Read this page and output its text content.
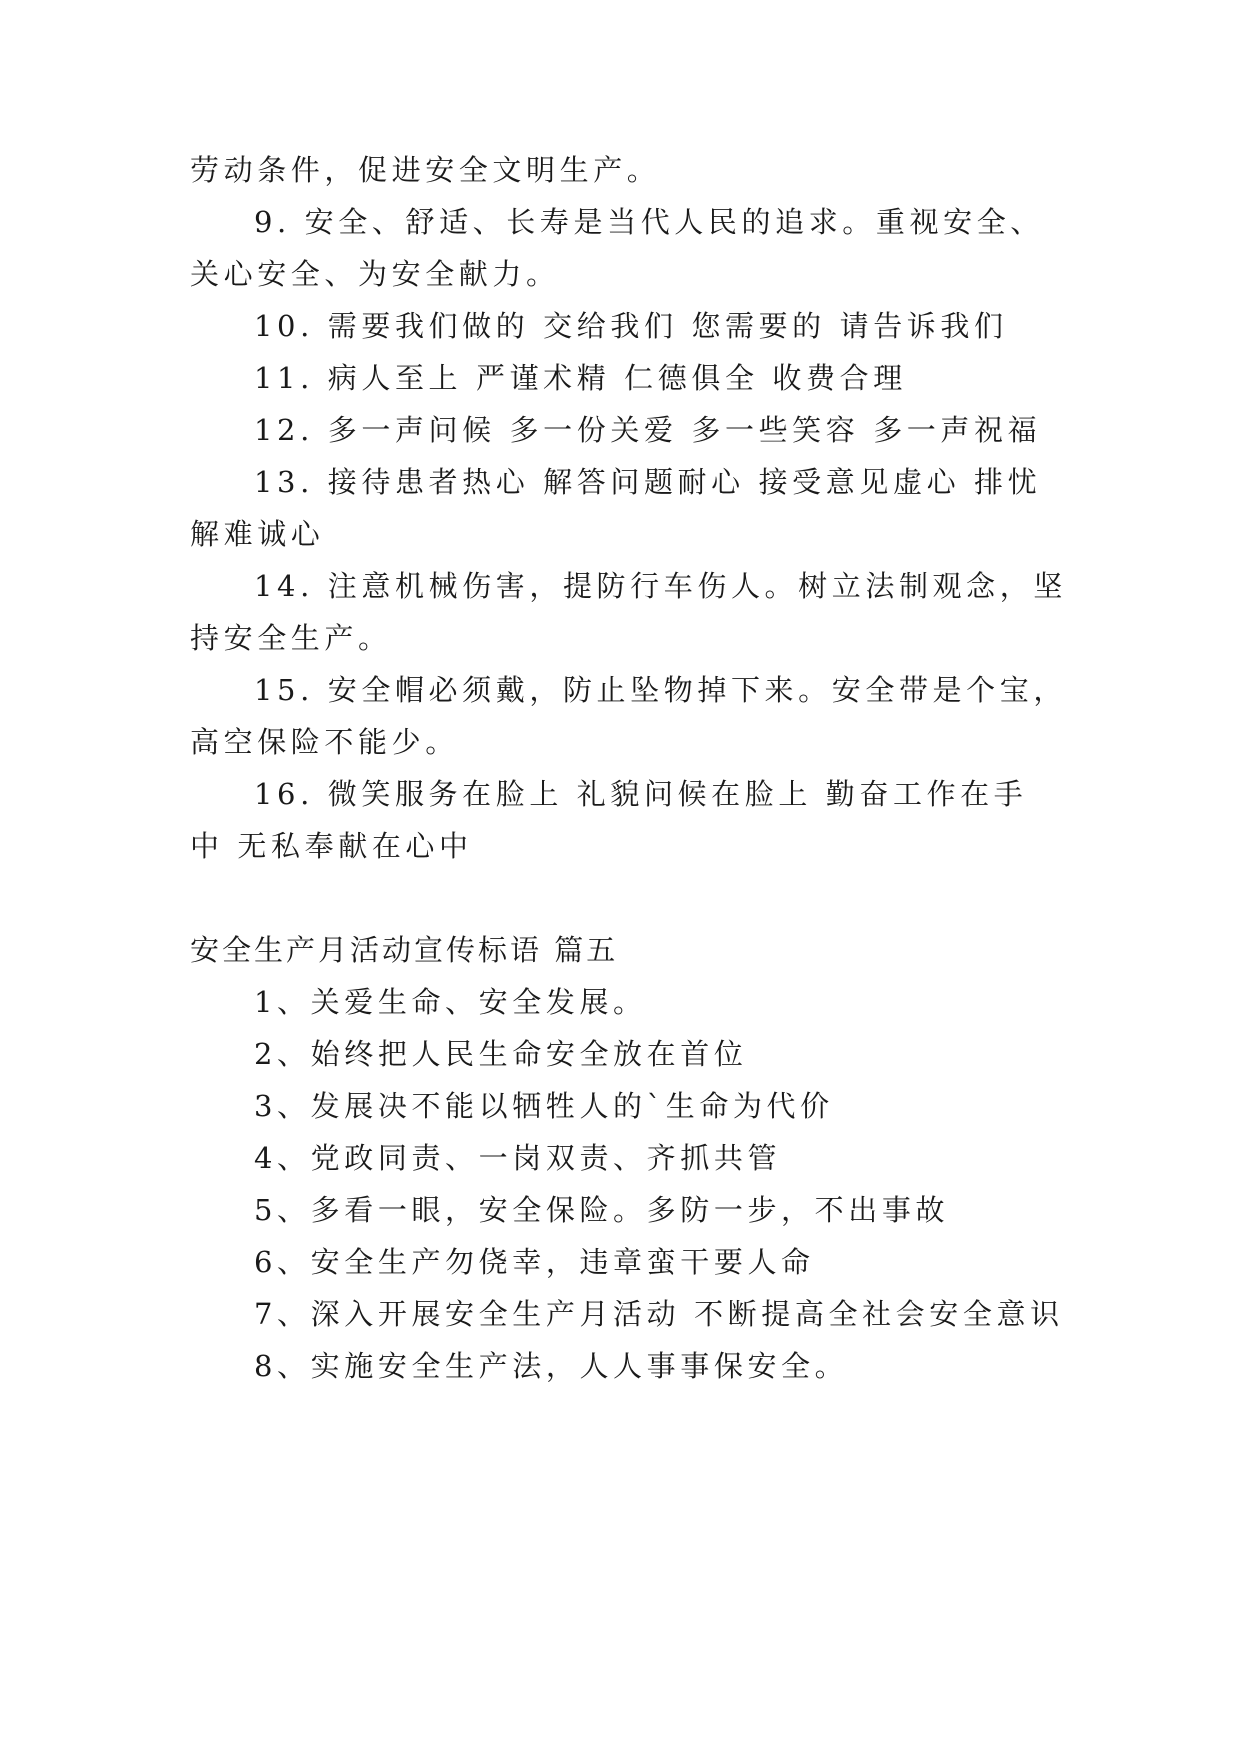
劳动条件，促进安全文明生产。
9. 安全、舒适、长寿是当代人民的追求。重视安全、
关心安全、为安全献力。
10. 需要我们做的 交给我们 您需要的 请告诉我们
11. 病人至上 严谨术精 仁德俱全 收费合理
12. 多一声问候 多一份关爱 多一些笑容 多一声祝福
13. 接待患者热心 解答问题耐心 接受意见虚心 排忧
解难诚心
14. 注意机械伤害，提防行车伤人。树立法制观念，坚
持安全生产。
15. 安全帽必须戴，防止坠物掉下来。安全带是个宝，
高空保险不能少。
16. 微笑服务在脸上 礼貌问候在脸上 勤奋工作在手
中 无私奉献在心中
安全生产月活动宣传标语 篇五
1、关爱生命、安全发展。
2、始终把人民生命安全放在首位
3、发展决不能以牺牲人的`生命为代价
4、党政同责、一岗双责、齐抓共管
5、多看一眼，安全保险。多防一步，不出事故
6、安全生产勿侥幸，违章蛮干要人命
7、深入开展安全生产月活动 不断提高全社会安全意识
8、实施安全生产法，人人事事保安全。
